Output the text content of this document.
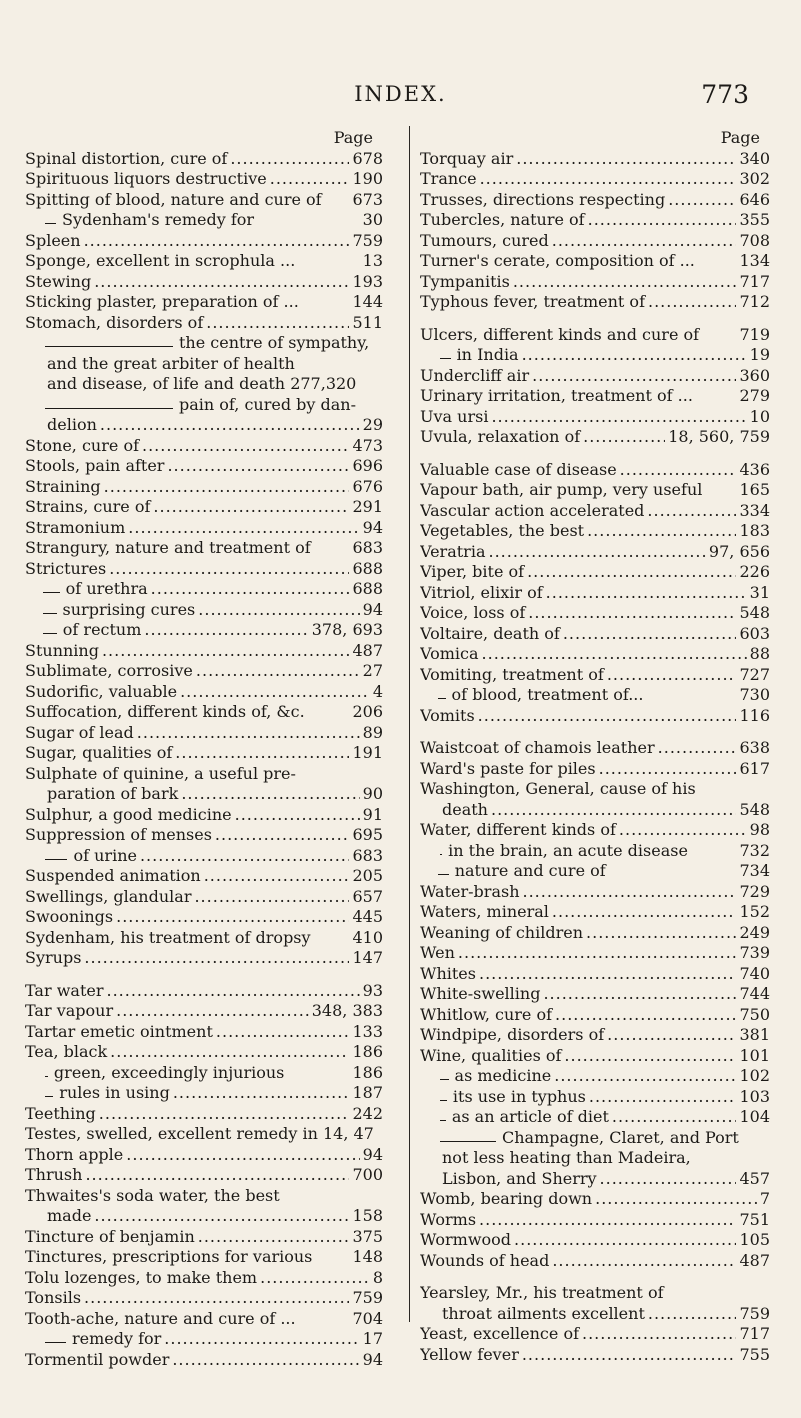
INDEX.	773
Page
Spinal distortion, cure of .....	678
Spirituous liquors destructive .....	190
Spitting of blood, nature and cure of 673
Sydenham's remedy for	30
Spleen .....	759
Sponge, excellent in scrophula ...	13
Stewing .....	193
Sticking plaster, preparation of ...	144
Stomach, disorders of .....	511
the centre of sympathy,
and the great arbiter of health
and disease, of life and death 277,320
pain of, cured by dan-
delion .....	29
Stone, cure of .....	473
Stools, pain after .....	696
Straining .....	676
Strains, cure of .....	291
Stramonium .....	94
Strangury, nature and treatment of	683
Strictures .....	688
of urethra .....	688
surprising cures .....	94
of rectum .....	378, 693
Stunning .....	487
Sublimate, corrosive .....	27
Sudorific, valuable .....	4
Suffocation, different kinds of, &c.	206
Sugar of lead .....	89
Sugar, qualities of .....	191
Sulphate of quinine, a useful pre-
paration of bark .....	90
Sulphur, a good medicine .....	91
Suppression of menses .....	695
of urine .....	683
Suspended animation .....	205
Swellings, glandular .....	657
Swoonings .....	445
Sydenham, his treatment of dropsy	410
Syrups .....	147
Tar water .....	93
Tar vapour .....	348, 383
Tartar emetic ointment .....	133
Tea, black .....	186
green, exceedingly injurious	186
rules in using .....	187
Teething .....	242
Testes, swelled, excellent remedy in 14, 47
Thorn apple .....	94
Thrush .....	700
Thwaites's soda water, the best
made .....	158
Tincture of benjamin .....	375
Tinctures, prescriptions for various	148
Tolu lozenges, to make them .....	8
Tonsils .....	759
Tooth-ache, nature and cure of ...	704
remedy for .....	17
Tormentil powder .....	94
Page
Torquay air .....	340
Trance .....	302
Trusses, directions respecting .....	646
Tubercles, nature of .....	355
Tumours, cured .....	708
Turner's cerate, composition of ...	134
Tympanitis .....	717
Typhous fever, treatment of .....	712
Ulcers, different kinds and cure of	719
in India .....	19
Undercliff air .....	360
Urinary irritation, treatment of ...	279
Uva ursi .....	10
Uvula, relaxation of .....	18, 560, 759
Valuable case of disease .....	436
Vapour bath, air pump, very useful 165
Vascular action accelerated .....	334
Vegetables, the best .....	183
Veratria .....	97, 656
Viper, bite of .....	226
Vitriol, elixir of .....	31
Voice, loss of .....	548
Voltaire, death of .....	603
Vomica .....	88
Vomiting, treatment of .....	727
of blood, treatment of...	730
Vomits .....	116
Waistcoat of chamois leather .....	638
Ward's paste for piles .....	617
Washington, General, cause of his
death .....	548
Water, different kinds of .....	98
in the brain, an acute disease	732
nature and cure of	734
Water-brash .....	729
Waters, mineral .....	152
Weaning of children .....	249
Wen .....	739
Whites .....	740
White-swelling .....	744
Whitlow, cure of .....	750
Windpipe, disorders of .....	381
Wine, qualities of .....	101
as medicine .....	102
its use in typhus .....	103
as an article of diet .....	104
Champagne, Claret, and Port
not less heating than Madeira,
Lisbon, and Sherry .....	457
Womb, bearing down .....	7
Worms .....	751
Wormwood .....	105
Wounds of head .....	487
Yearsley, Mr., his treatment of
throat ailments excellent .....	759
Yeast, excellence of .....	717
Yellow fever .....	755
